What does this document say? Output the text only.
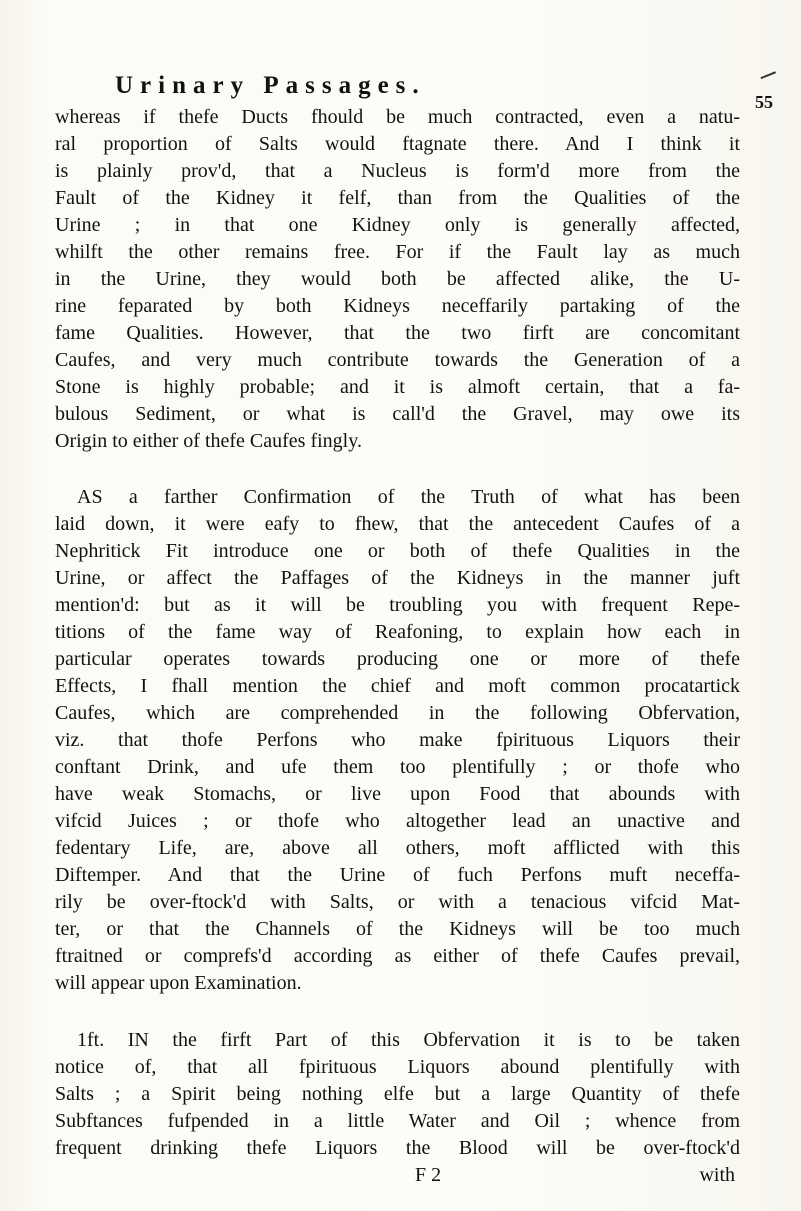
Urinary Passages.
55
whereas if thefe Ducts fhould be much contracted, even a natu-
ral proportion of Salts would ftagnate there. And I think it
is plainly prov'd, that a Nucleus is form'd more from the
Fault of the Kidney it felf, than from the Qualities of the
Urine ; in that one Kidney only is generally affected,
whilft the other remains free. For if the Fault lay as much
in the Urine, they would both be affected alike, the U-
rine feparated by both Kidneys neceffarily partaking of the
fame Qualities. However, that the two firft are concomitant
Caufes, and very much contribute towards the Generation of a
Stone is highly probable; and it is almoft certain, that a fa-
bulous Sediment, or what is call'd the Gravel, may owe its
Origin to either of thefe Caufes fingly.
AS a farther Confirmation of the Truth of what has been
laid down, it were eafy to fhew, that the antecedent Caufes of a
Nephritick Fit introduce one or both of thefe Qualities in the
Urine, or affect the Paffages of the Kidneys in the manner juft
mention'd: but as it will be troubling you with frequent Repe-
titions of the fame way of Reafoning, to explain how each in
particular operates towards producing one or more of thefe
Effects, I fhall mention the chief and moft common procatartick
Caufes, which are comprehended in the following Obfervation,
viz. that thofe Perfons who make fpirituous Liquors their
conftant Drink, and ufe them too plentifully ; or thofe who
have weak Stomachs, or live upon Food that abounds with
vifcid Juices ; or thofe who altogether lead an unactive and
fedentary Life, are, above all others, moft afflicted with this
Diftemper. And that the Urine of fuch Perfons muft neceffa-
rily be over-ftock'd with Salts, or with a tenacious vifcid Mat-
ter, or that the Channels of the Kidneys will be too much
ftraitned or comprefs'd according as either of thefe Caufes prevail,
will appear upon Examination.
1ft. IN the firft Part of this Obfervation it is to be taken
notice of, that all fpirituous Liquors abound plentifully with
Salts ; a Spirit being nothing elfe but a large Quantity of thefe
Subftances fufpended in a little Water and Oil ; whence from
frequent drinking thefe Liquors the Blood will be over-ftock'd
F 2	with
